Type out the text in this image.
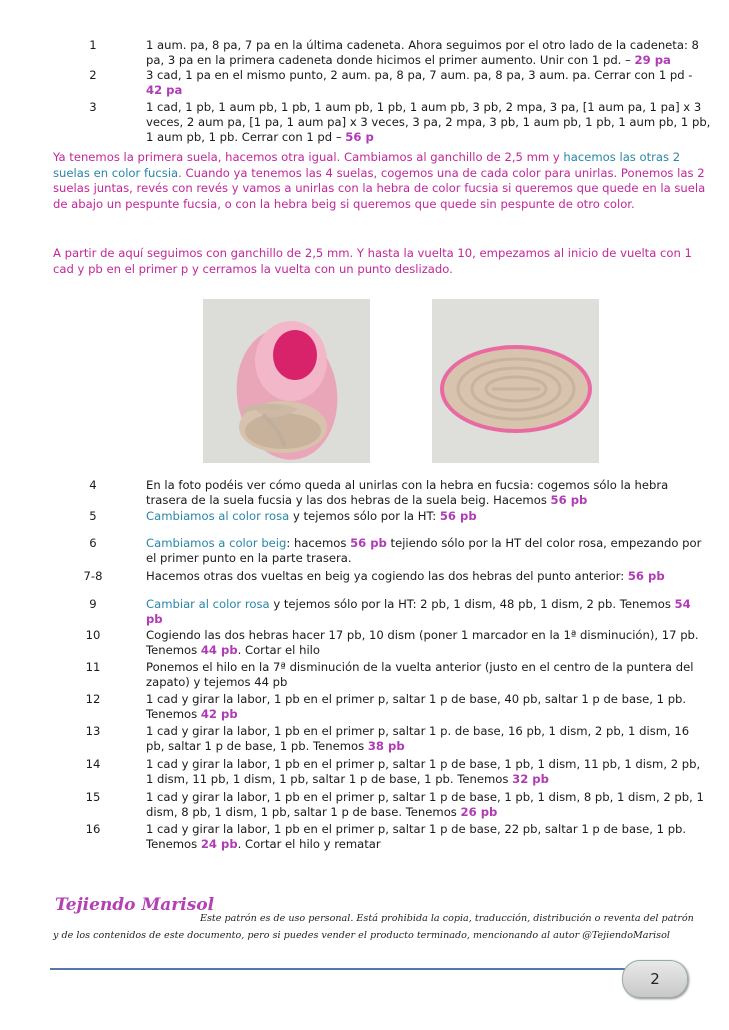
1	1 aum. pa, 8 pa, 7 pa en la última cadeneta. Ahora seguimos por el otro lado de la cadeneta: 8 pa, 3 pa en la primera cadeneta donde hicimos el primer aumento. Unir con 1 pd. – 29 pa
2	3 cad, 1 pa en el mismo punto, 2 aum. pa, 8 pa, 7 aum. pa, 8 pa, 3 aum. pa. Cerrar con 1 pd - 42 pa
3	1 cad, 1 pb, 1 aum pb, 1 pb, 1 aum pb, 1 pb, 1 aum pb, 3 pb, 2 mpa, 3 pa, [1 aum pa, 1 pa] x 3 veces, 2 aum pa, [1 pa, 1 aum pa] x 3 veces, 3 pa, 2 mpa, 3 pb, 1 aum pb, 1 pb, 1 aum pb, 1 pb, 1 aum pb, 1 pb. Cerrar con 1 pd – 56 p
Ya tenemos la primera suela, hacemos otra igual. Cambiamos al ganchillo de 2,5 mm y hacemos las otras 2 suelas en color fucsia. Cuando ya tenemos las 4 suelas, cogemos una de cada color para unirlas. Ponemos las 2 suelas juntas, revés con revés y vamos a unirlas con la hebra de color fucsia si queremos que quede en la suela de abajo un pespunte fucsia, o con la hebra beig si queremos que quede sin pespunte de otro color.
A partir de aquí seguimos con ganchillo de 2,5 mm. Y hasta la vuelta 10, empezamos al inicio de vuelta con 1 cad y pb en el primer p y cerramos la vuelta con un punto deslizado.
4	En la foto podéis ver cómo queda al unirlas con la hebra en fucsia: cogemos sólo la hebra trasera de la suela fucsia y las dos hebras de la suela beig. Hacemos 56 pb
5	Cambiamos al color rosa y tejemos sólo por la HT: 56 pb
6	Cambiamos a color beig: hacemos 56 pb tejiendo sólo por la HT del color rosa, empezando por el primer punto en la parte trasera.
7-8	Hacemos otras dos vueltas en beig ya cogiendo las dos hebras del punto anterior: 56 pb
9	Cambiar al color rosa y tejemos sólo por la HT: 2 pb, 1 dism, 48 pb, 1 dism, 2 pb. Tenemos 54 pb
10	Cogiendo las dos hebras hacer 17 pb, 10 dism (poner 1 marcador en la 1ª disminución), 17 pb. Tenemos 44 pb. Cortar el hilo
11	Ponemos el hilo en la 7ª disminución de la vuelta anterior (justo en el centro de la puntera del zapato) y tejemos 44 pb
12	1 cad y girar la labor, 1 pb en el primer p, saltar 1 p de base, 40 pb, saltar 1 p de base, 1 pb. Tenemos 42 pb
13	1 cad y girar la labor, 1 pb en el primer p, saltar 1 p. de base, 16 pb, 1 dism, 2 pb, 1 dism, 16 pb, saltar 1 p de base, 1 pb. Tenemos 38 pb
14	1 cad y girar la labor, 1 pb en el primer p, saltar 1 p de base, 1 pb, 1 dism, 11 pb, 1 dism, 2 pb, 1 dism, 11 pb, 1 dism, 1 pb, saltar 1 p de base, 1 pb. Tenemos 32 pb
15	1 cad y girar la labor, 1 pb en el primer p, saltar 1 p de base, 1 pb, 1 dism, 8 pb, 1 dism, 2 pb, 1 dism, 8 pb, 1 dism, 1 pb, saltar 1 p de base. Tenemos 26 pb
16	1 cad y girar la labor, 1 pb en el primer p, saltar 1 p de base, 22 pb, saltar 1 p de base, 1 pb. Tenemos 24 pb. Cortar el hilo y rematar
Tejiendo Marisol
Este patrón es de uso personal. Está prohibida la copia, traducción, distribución o reventa del patrón
y de los contenidos de este documento, pero si puedes vender el producto terminado, mencionando al autor @TejiendoMarisol
2
